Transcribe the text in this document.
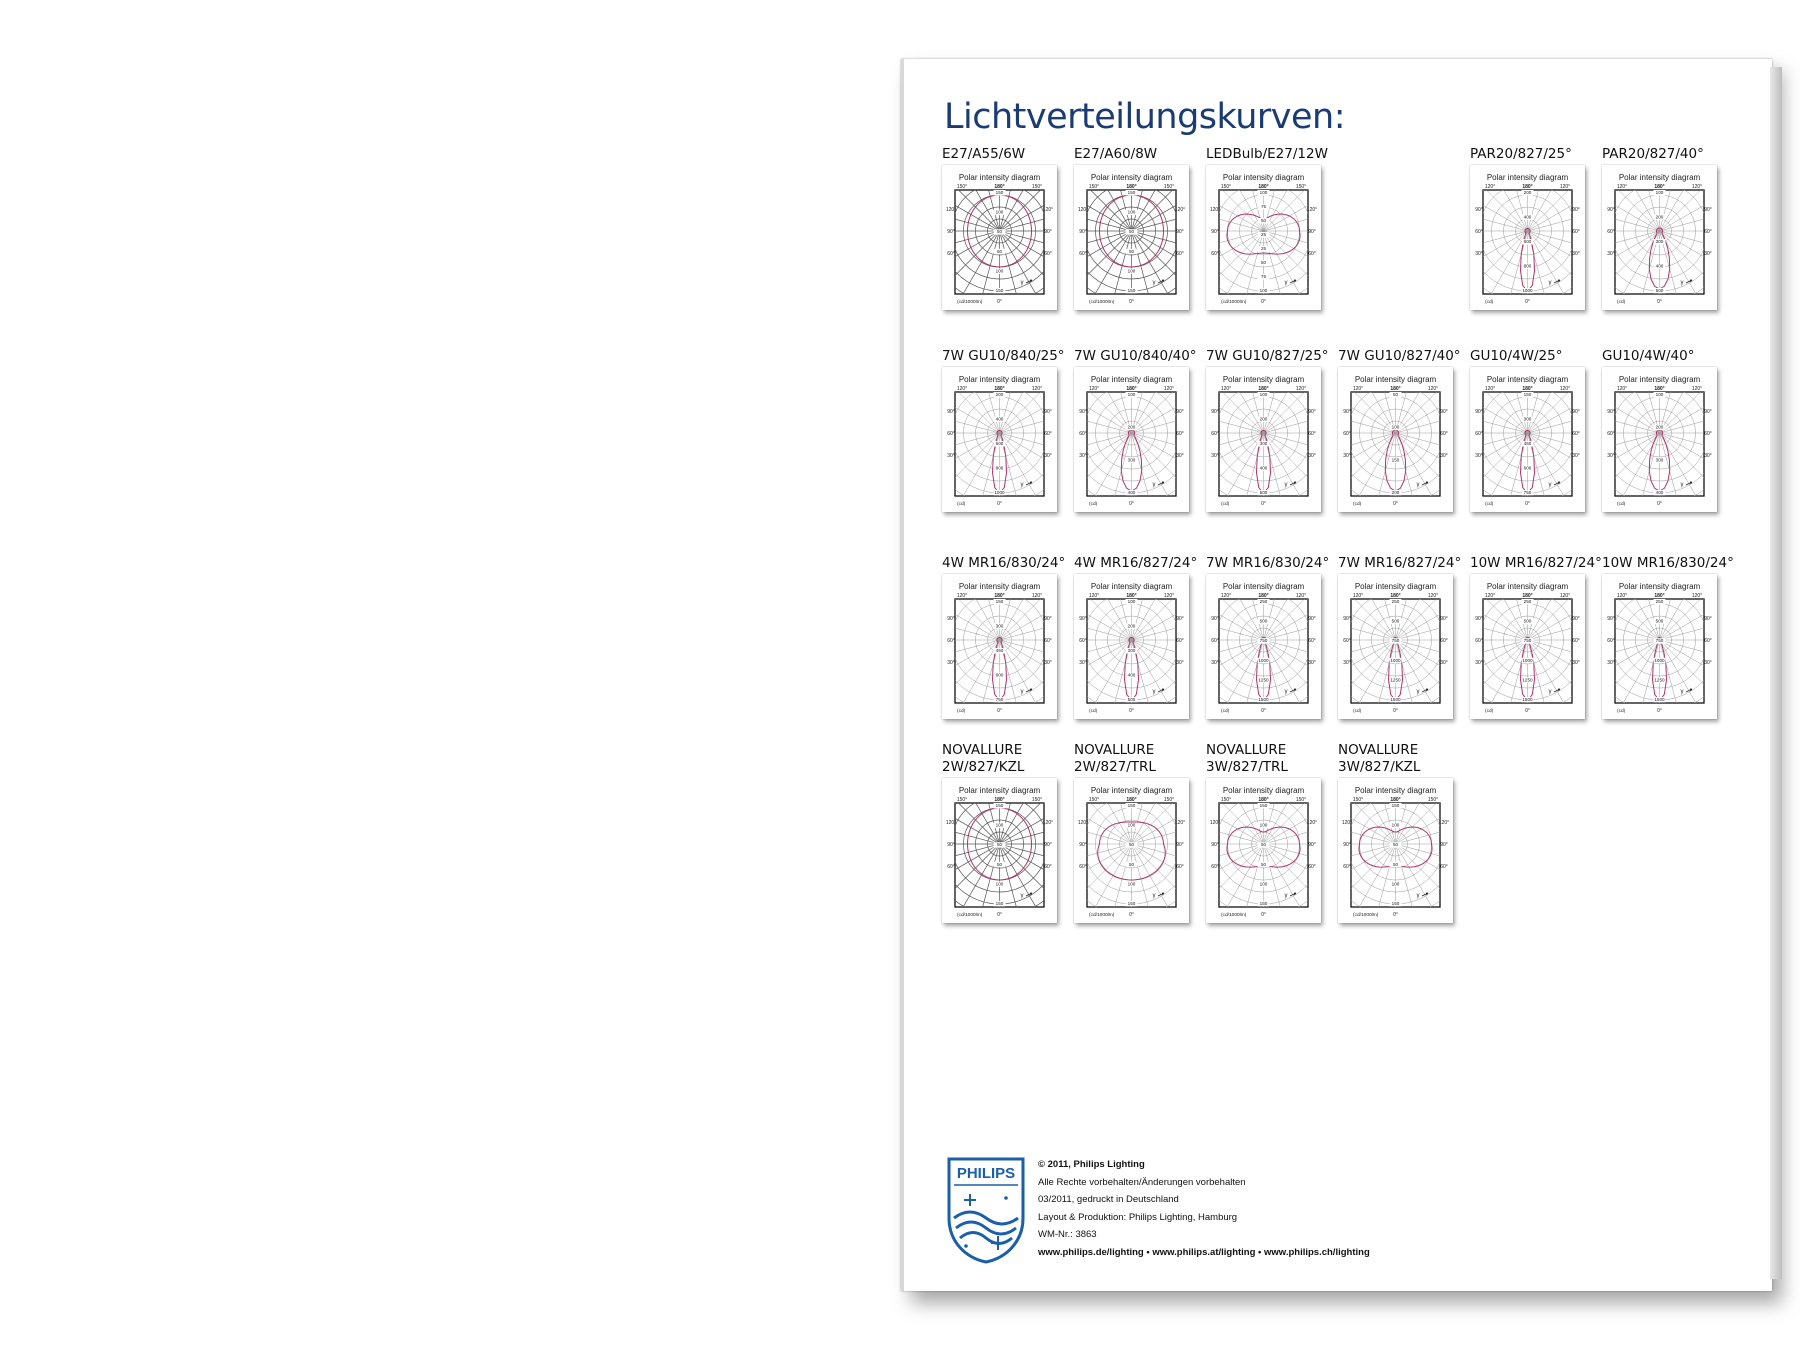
Lichtverteilungskurven:
E27/A55/6W
Polar intensity diagram
150°	180°	150°
150
100
50
50
100
150
120°
90°
60°
120°
90°
60°
γ
(cd/1000lm)	0°
E27/A60/8W
Polar intensity diagram
150°	180°	150°
150
100
50
50
100
150
120°
90°
60°
120°
90°
60°
γ
(cd/1000lm)	0°
LEDBulb/E27/12W
Polar intensity diagram
150°	180°	150°
100
75
50
25
25
50
75
100
120°
90°
60°
120°
90°
60°
γ
(cd/1000lm)	0°
PAR20/827/25°
Polar intensity diagram
120°	180°	120°
200
400
600
800
1000
90°
60°
30°
90°
60°
30°
γ
(cd)	0°
PAR20/827/40°
Polar intensity diagram
120°	180°	120°
100
200
300
400
500
90°
60°
30°
90°
60°
30°
γ
(cd)	0°
7W GU10/840/25°
Polar intensity diagram
120°	180°	120°
200
400
600
800
1000
90°
60°
30°
90°
60°
30°
γ
(cd)	0°
7W GU10/840/40°
Polar intensity diagram
120°	180°	120°
100
200
300
400
90°
60°
30°
90°
60°
30°
γ
(cd)	0°
7W GU10/827/25°
Polar intensity diagram
120°	180°	120°
100
200
300
400
500
90°
60°
30°
90°
60°
30°
γ
(cd)	0°
7W GU10/827/40°
Polar intensity diagram
120°	180°	120°
50
100
150
200
90°
60°
30°
90°
60°
30°
γ
(cd)	0°
GU10/4W/25°
Polar intensity diagram
120°	180°	120°
150
300
450
600
750
90°
60°
30°
90°
60°
30°
γ
(cd)	0°
GU10/4W/40°
Polar intensity diagram
120°	180°	120°
100
200
300
400
90°
60°
30°
90°
60°
30°
γ
(cd)	0°
4W MR16/830/24°
Polar intensity diagram
120°	180°	120°
150
300
450
600
750
90°
60°
30°
90°
60°
30°
γ
(cd)	0°
4W MR16/827/24°
Polar intensity diagram
120°	180°	120°
100
200
300
400
500
90°
60°
30°
90°
60°
30°
γ
(cd)	0°
7W MR16/830/24°
Polar intensity diagram
120°	180°	120°
250
500
750
1000
1250
1500
90°
60°
30°
90°
60°
30°
γ
(cd)	0°
7W MR16/827/24°
Polar intensity diagram
120°	180°	120°
250
500
750
1000
1250
1500
90°
60°
30°
90°
60°
30°
γ
(cd)	0°
10W MR16/827/24°
Polar intensity diagram
120°	180°	120°
250
500
750
1000
1250
1500
90°
60°
30°
90°
60°
30°
γ
(cd)	0°
10W MR16/830/24°
Polar intensity diagram
120°	180°	120°
250
500
750
1000
1250
1500
90°
60°
30°
90°
60°
30°
γ
(cd)	0°
NOVALLURE
2W/827/KZL
Polar intensity diagram
150°	180°	150°
150
100
50
50
100
150
120°
90°
60°
120°
90°
60°
γ
(cd/1000lm)	0°
NOVALLURE
2W/827/TRL
Polar intensity diagram
150°	180°	150°
150
100
50
50
100
150
120°
90°
60°
120°
90°
60°
γ
(cd/1000lm)	0°
NOVALLURE
3W/827/TRL
Polar intensity diagram
150°	180°	150°
150
100
50
50
100
150
120°
90°
60°
120°
90°
60°
γ
(cd/1000lm)	0°
NOVALLURE
3W/827/KZL
Polar intensity diagram
150°	180°	150°
150
100
50
50
100
150
120°
90°
60°
120°
90°
60°
γ
(cd/1000lm)	0°
PHILIPS
© 2011, Philips Lighting
Alle Rechte vorbehalten/Änderungen vorbehalten
03/2011, gedruckt in Deutschland
Layout & Produktion: Philips Lighting, Hamburg
WM-Nr.: 3863
www.philips.de/lighting • www.philips.at/lighting • www.philips.ch/lighting
